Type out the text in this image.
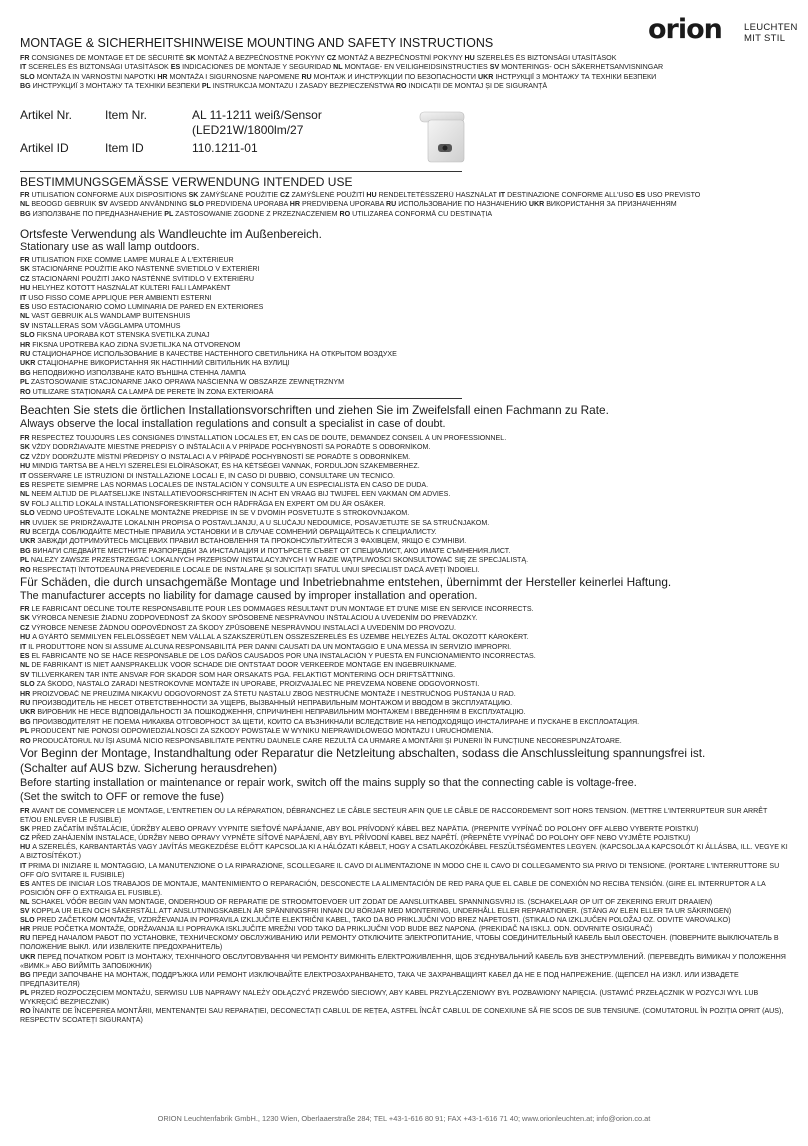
orion LEUCHTEN
MIT STIL
MONTAGE & SICHERHEITSHINWEISE MOUNTING AND SAFETY INSTRUCTIONS
FR CONSIGNES DE MONTAGE ET DE SÉCURITÉ SK MONTÁŽ A BEZPEČNOSTNÉ POKYNY CZ MONTÁŽ A BEZPEČNOSTNÍ POKYNY HU SZERELÉS ÉS BIZTONSÁGI UTASÍTÁSOK
IT SCERELÉS ÉS BIZTONSÁGI UTASÍTÁSOK ES INDICACIONES DE MONTAJE Y SEGURIDAD NL MONTAGE- EN VEILIGHEIDSINSTRUCTIES SV MONTERINGS- OCH SÄKERHETSANVISNINGAR
SLO MONTAŽA IN VARNOSTNI NAPOTKI HR MONTAŽA I SIGURNOSNE NAPOMENE RU МОНТАЖ И ИНСТРУКЦИИ ПО БЕЗОПАСНОСТИ UKR ІНСТРУКЦІЇ З МОНТАЖУ ТА ТЕХНІКИ БЕЗПЕКИ
BG ИНСТРУКЦИЇ З МОНТАЖУ ТА ТЕХНІКИ БЕЗПЕКИ PL INSTRUKCJA MONTAŻU I ZASADY BEZPIECZEŃSTWA RO INDICAȚII DE MONTAJ ȘI DE SIGURANȚĂ
Artikel Nr.	Item Nr.	AL 11-1211 weiß/Sensor
(LED21W/1800lm/27
Artikel ID	Item ID	110.1211-01
BESTIMMUNGSGEMÄSSE VERWENDUNG INTENDED USE
FR UTILISATION CONFORME AUX DISPOSITIONS SK ZAMÝŠĽANÉ POUŽITIE CZ ZAMÝŠLENÉ POUŽITÍ HU RENDELTETÉSSZERŰ HASZNÁLAT IT DESTINAZIONE CONFORME ALL'USO ES USO PREVISTO
NL BEOOGD GEBRUIK SV AVSEDD ANVÄNDNING SLO PREDVIDENA UPORABA HR PREDVIĐENA UPORABA RU ИСПОЛЬЗОВАНИЕ ПО НАЗНАЧЕНИЮ UKR ВИКОРИСТАННЯ ЗА ПРИЗНАЧЕННЯМ
BG ИЗПОЛЗВАНЕ ПО ПРЕДНАЗНАЧЕНИЕ PL ZASTOSOWANIE ZGODNE Z PRZEZNACZENIEM RO UTILIZAREA CONFORMĂ CU DESTINAȚIA
Ortsfeste Verwendung als Wandleuchte im Außenbereich.
Stationary use as wall lamp outdoors.
FR UTILISATION FIXE COMME LAMPE MURALE À L'EXTÉRIEUR
SK STACIONÁRNE POUŽITIE AKO NÁSTENNÉ SVIETIDLO V EXTERIÉRI
CZ STACIONÁRNÍ POUŽITÍ JAKO NÁSTĚNNÉ SVÍTIDLO V EXTERIÉRU
HU HELYHEZ KÖTÖTT HASZNÁLAT KÜLTÉRI FALI LÁMPAKÉNT
IT USO FISSO COME APPLIQUE PER AMBIENTI ESTERNI
ES USO ESTACIONARIO COMO LUMINARIA DE PARED EN EXTERIORES
NL VAST GEBRUIK ALS WANDLAMP BUITENSHUIS
SV INSTALLERAS SOM VÄGGLAMPA UTOMHUS
SLO FIKSNA UPORABA KOT STENSKA SVETILKA ZUNAJ
HR FIKSNA UPOTREBA KAO ZIDNA SVJETILJKA NA OTVORENOM
RU СТАЦИОНАРНОЕ ИСПОЛЬЗОВАНИЕ В КАЧЕСТВЕ НАСТЕННОГО СВЕТИЛЬНИКА НА ОТКРЫТОМ ВОЗДУХЕ
UKR СТАЦІОНАРНЕ ВИКОРИСТАННЯ ЯК НАСТІННИЙ СВІТИЛЬНИК НА ВУЛИЦІ
BG НЕПОДВИЖНО ИЗПОЛЗВАНЕ КАТО ВЪНШНА СТЕННА ЛАМПА
PL ZASTOSOWANIE STACJONARNE JAKO OPRAWA NAŚCIENNA W OBSZARZE ZEWNĘTRZNYM
RO UTILIZARE STAȚIONARĂ CA LAMPĂ DE PERETE ÎN ZONA EXTERIOARĂ
Beachten Sie stets die örtlichen Installationsvorschriften und ziehen Sie im Zweifelsfall einen Fachmann zu Rate.
Always observe the local installation regulations and consult a specialist in case of doubt.
FR RESPECTEZ TOUJOURS LES CONSIGNES D'INSTALLATION LOCALES ET, EN CAS DE DOUTE, DEMANDEZ CONSEIL À UN PROFESSIONNEL.
SK VŽDY DODRŽIAVAJTE MIESTNE PREDPISY O INŠTALÁCII A V PRÍPADE POCHYBNOSTÍ SA PORAĎTE S ODBORNÍKOM.
CZ VŽDY DODRŽUJTE MÍSTNÍ PŘEDPISY O INSTALACI A V PŘÍPADĚ POCHYBNOSTÍ SE PORAĎTE S ODBORNÍKEM.
HU MINDIG TARTSA BE A HELYI SZERELÉSI ELŐÍRÁSOKAT, ÉS HA KÉTSÉGEI VANNAK, FORDULJON SZAKEMBERHEZ.
IT OSSERVARE LE ISTRUZIONI DI INSTALLAZIONE LOCALI E, IN CASO DI DUBBIO, CONSULTARE UN TECNICO.
ES RESPETE SIEMPRE LAS NORMAS LOCALES DE INSTALACIÓN Y CONSULTE A UN ESPECIALISTA EN CASO DE DUDA.
NL NEEM ALTIJD DE PLAATSELIJKE INSTALLATIEVOORSCHRIFTEN IN ACHT EN VRAAG BIJ TWIJFEL EEN VAKMAN OM ADVIES.
SV FÖLJ ALLTID LOKALA INSTALLATIONSFÖRESKRIFTER OCH RÅDFRÅGA EN EXPERT OM DU ÄR OSÄKER.
SLO VEDNO UPOŠTEVAJTE LOKALNE MONTAŽNE PREDPISE IN SE V DVOMIH POSVETUJTE S STROKOVNJAKOM.
HR UVIJEK SE PRIDRŽAVAJTE LOKALNIH PROPISA O POSTAVLJANJU, A U SLUČAJU NEDOUMICE, POSAVJETUJTE SE SA STRUČNJAKOM.
RU ВСЕГДА СОБЛЮДАЙТЕ МЕСТНЫЕ ПРАВИЛА УСТАНОВКИ И В СЛУЧАЕ СОМНЕНИЙ ОБРАЩАЙТЕСЬ К СПЕЦИАЛИСТУ.
UKR ЗАВЖДИ ДОТРИМУЙТЕСЬ МІСЦЕВИХ ПРАВИЛ ВСТАНОВЛЕННЯ ТА ПРОКОНСУЛЬТУЙТЕСЯ З ФАХІВЦЕМ, ЯКЩО Є СУМНІВИ.
BG ВИНАГИ СЛЕДВАЙТЕ МЕСТНИТЕ РАЗПОРЕДБИ ЗА ИНСТАЛАЦИЯ И ПОТЪРСЕТЕ СЪВЕТ ОТ СПЕЦИАЛИСТ, АКО ИМАТЕ СЪМНЕНИЯ.ЛИСТ.
PL NALEŻY ZAWSZE PRZESTRZEGAĆ LOKALNYCH PRZEPISÓW INSTALACYJNYCH I W RAZIE WĄTPLIWOŚCI SKONSULTOWAĆ SIĘ ZE SPECJALISTĄ.
RO RESPECTAȚI ÎNTOTDEAUNA PREVEDERILE LOCALE DE INSTALARE ȘI SOLICITAȚI SFATUL UNUI SPECIALIST DACĂ AVEȚI ÎNDOIELI.
Für Schäden, die durch unsachgemäße Montage und Inbetriebnahme entstehen, übernimmt der Hersteller keinerlei Haftung.
The manufacturer accepts no liability for damage caused by improper installation and operation.
FR LE FABRICANT DÉCLINE TOUTE RESPONSABILITÉ POUR LES DOMMAGES RÉSULTANT D'UN MONTAGE ET D'UNE MISE EN SERVICE INCORRECTS.
SK VÝROBCA NENESIE ŽIADNU ZODPOVEDNOSŤ ZA ŠKODY SPÔSOBENÉ NESPRÁVNOU INŠTALÁCIOU A UVEDENÍM DO PREVÁDZKY.
CZ VÝROBCE NENESE ŽÁDNOU ODPOVĚDNOST ZA ŠKODY ZPŮSOBENÉ NESPRÁVNOU INSTALACÍ A UVEDENÍM DO PROVOZU.
HU A GYÁRTÓ SEMMILYEN FELELŐSSÉGET NEM VÁLLAL A SZAKSZERŰTLEN ÖSSZESZERELÉS ÉS ÜZEMBE HELYEZÉS ÁLTAL OKOZOTT KÁROKÉRT.
IT IL PRODUTTORE NON SI ASSUME ALCUNA RESPONSABILITÀ PER DANNI CAUSATI DA UN MONTAGGIO E UNA MESSA IN SERVIZIO IMPROPRI.
ES EL FABRICANTE NO SE HACE RESPONSABLE DE LOS DAÑOS CAUSADOS POR UNA INSTALACIÓN Y PUESTA EN FUNCIONAMIENTO INCORRECTAS.
NL DE FABRIKANT IS NIET AANSPRAKELIJK VOOR SCHADE DIE ONTSTAAT DOOR VERKEERDE MONTAGE EN INGEBRUIKNAME.
SV TILLVERKAREN TAR INTE ANSVAR FÖR SKADOR SOM HAR ORSAKATS PGA. FELAKTIGT MONTERING OCH DRIFTSÄTTNING.
SLO ZA ŠKODO, NASTALO ZARADI NESTROKOVNE MONTAŽE IN UPORABE, PROIZVAJALEC NE PREVZEMA NOBENE ODGOVORNOSTI.
HR PROIZVOĐAČ NE PREUZIMA NIKAKVU ODGOVORNOST ZA ŠTETU NASTALU ZBOG NESTRUČNE MONTAŽE I NESTRUČNOG PUŠTANJA U RAD.
RU ПРОИЗВОДИТЕЛЬ НЕ НЕСЕТ ОТВЕТСТВЕННОСТИ ЗА УЩЕРБ, ВЫЗВАННЫЙ НЕПРАВИЛЬНЫМ МОНТАЖОМ И ВВОДОМ В ЭКСПЛУАТАЦИЮ.
UKR ВИРОБНИК НЕ НЕСЕ ВІДПОВІДАЛЬНОСТІ ЗА ПОШКОДЖЕННЯ, СПРИЧИНЕНІ НЕПРАВИЛЬНИМ МОНТАЖЕМ І ВВЕДЕННЯМ В ЕКСПЛУАТАЦІЮ.
BG ПРОИЗВОДИТЕЛЯТ НЕ ПОЕМА НИКАКВА ОТГОВОРНОСТ ЗА ЩЕТИ, КОИТО СА ВЪЗНИКНАЛИ ВСЛЕДСТВИЕ НА НЕПОДХОДЯЩО ИНСТАЛИРАНЕ И ПУСКАНЕ В ЕКСПЛОАТАЦИЯ.
PL PRODUCENT NIE PONOSI ODPOWIEDZIALNOŚCI ZA SZKODY POWSTAŁE W WYNIKU NIEPRAWIDŁOWEGO MONTAŻU I URUCHOMIENIA.
RO PRODUCĂTORUL NU ÎȘI ASUMĂ NICIO RESPONSABILITATE PENTRU DAUNELE CARE REZULTĂ CA URMARE A MONTĂRII ȘI PUNERII ÎN FUNCȚIUNE NECORESPUNZĂTOARE.
Vor Beginn der Montage, Instandhaltung oder Reparatur die Netzleitung abschalten, sodass die Anschlussleitung spannungsfrei ist.
(Schalter auf AUS bzw. Sicherung herausdrehen)
Before starting installation or maintenance or repair work, switch off the mains supply so that the connecting cable is voltage-free.
(Set the switch to OFF or remove the fuse)
FR AVANT DE COMMENCER LE MONTAGE, L'ENTRETIEN OU LA RÉPARATION, DÉBRANCHEZ LE CÂBLE SECTEUR AFIN QUE LE CÂBLE DE RACCORDEMENT SOIT HORS TENSION. (METTRE L'INTERRUPTEUR SUR ARRÊT ET/OU ENLEVER LE FUSIBLE)
SK PRED ZAČATÍM INŠTALÁCIE, ÚDRŽBY ALEBO OPRAVY VYPNITE SIEŤOVÉ NAPÁJANIE, ABY BOL PRÍVODNÝ KÁBEL BEZ NAPÄTIA. (PREPNITE VYPÍNAČ DO POLOHY OFF ALEBO VYBERTE POISTKU)
CZ PŘED ZAHÁJENÍM INSTALACE, ÚDRŽBY NEBO OPRAVY VYPNĚTE SÍŤOVÉ NAPÁJENÍ, ABY BYL PŘÍVODNÍ KABEL BEZ NAPĚTÍ. (PŘEPNĚTE VYPÍNAČ DO POLOHY OFF NEBO VYJMĚTE POJISTKU)
HU A SZERELÉS, KARBANTARTÁS VAGY JAVÍTÁS MEGKEZDÉSE ELŐTT KAPCSOLJA KI A HÁLÓZATI KÁBELT, HOGY A CSATLAKOZÓKÁBEL FESZÜLTSÉGMENTES LEGYEN. (KAPCSOLJA A KAPCSOLÓT KI ÁLLÁSBA, ILL. VEGYE KI A BIZTOSÍTÉKOT.)
IT PRIMA DI INIZIARE IL MONTAGGIO, LA MANUTENZIONE O LA RIPARAZIONE, SCOLLEGARE IL CAVO DI ALIMENTAZIONE IN MODO CHE IL CAVO DI COLLEGAMENTO SIA PRIVO DI TENSIONE. (PORTARE L'INTERRUTTORE SU OFF O/O SVITARE IL FUSIBILE)
ES ANTES DE INICIAR LOS TRABAJOS DE MONTAJE, MANTENIMIENTO O REPARACIÓN, DESCONECTE LA ALIMENTACIÓN DE RED PARA QUE EL CABLE DE CONEXIÓN NO RECIBA TENSIÓN. (GIRE EL INTERRUPTOR A LA POSICIÓN OFF O EXTRAIGA EL FUSIBLE).
NL SCHAKEL VÓÓR BEGIN VAN MONTAGE, ONDERHOUD OF REPARATIE DE STROOMTOEVOER UIT ZODAT DE AANSLUITKABEL SPANNINGSVRIJ IS. (SCHAKELAAR OP UIT OF ZEKERING ERUIT DRAAIEN)
SV KOPPLA UR ELEN OCH SÄKERSTÄLL ATT ANSLUTNINGSKABELN ÄR SPÄNNINGSFRI INNAN DU BÖRJAR MED MONTERING, UNDERHÅLL ELLER REPARATIONER. (STÄNG AV ELEN ELLER TA UR SÄKRINGEN)
SLO PRED ZAČETKOM MONTAŽE, VZDRŽEVANJA IN POPRAVILA IZKLJUČITE ELEKTRIČNI KABEL, TAKO DA BO PRIKLJUČNI VOD BREZ NAPETOSTI. (STIKALO NA IZKLJUČEN POLOŽAJ OZ. ODVITE VAROVALKO)
HR PRIJE POČETKA MONTAŽE, ODRŽAVANJA ILI POPRAVKA ISKLJUČITE MREŽNI VOD TAKO DA PRIKLJUČNI VOD BUDE BEZ NAPONA. (PREKIDAČ NA ISKLJ. ODN. ODVRNITE OSIGURAČ)
RU ПЕРЕД НАЧАЛОМ РАБОТ ПО УСТАНОВКЕ, ТЕХНИЧЕСКОМУ ОБСЛУЖИВАНИЮ ИЛИ РЕМОНТУ ОТКЛЮЧИТЕ ЭЛЕКТРОПИТАНИЕ, ЧТОБЫ СОЕДИНИТЕЛЬНЫЙ КАБЕЛЬ БЫЛ ОБЕСТОЧЕН. (ПОВЕРНИТЕ ВЫКЛЮЧАТЕЛЬ В ПОЛОЖЕНИЕ ВЫКЛ. ИЛИ ИЗВЛЕКИТЕ ПРЕДОХРАНИТЕЛЬ)
UKR ПЕРЕД ПОЧАТКОМ РОБІТ ІЗ МОНТАЖУ, ТЕХНІЧНОГО ОБСЛУГОВУВАННЯ ЧИ РЕМОНТУ ВИМКНІТЬ ЕЛЕКТРОЖИВЛЕННЯ, ЩОБ З'ЄДНУВАЛЬНИЙ КАБЕЛЬ БУВ ЗНЕСТРУМЛЕНИЙ. (ПЕРЕВЕДІТЬ ВИМИКАЧ У ПОЛОЖЕННЯ «ВИМК.» АБО ВИЙМІТЬ ЗАПОБІЖНИК)
BG ПРЕДИ ЗАПОЧВАНЕ НА МОНТАЖ, ПОДДРЪЖКА ИЛИ РЕМОНТ ИЗКЛЮЧВАЙТЕ ЕЛЕКТРОЗАХРАНВАНЕТО, ТАКА ЧЕ ЗАХРАНВАЩИЯТ КАБЕЛ ДА НЕ Е ПОД НАПРЕЖЕНИЕ. (ЩЕПСЕЛ НА ИЗКЛ. ИЛИ ИЗВАДЕТЕ ПРЕДПАЗИТЕЛЯ)
PL PRZED ROZPOCZĘCIEM MONTAŻU, SERWISU LUB NAPRAWY NALEŻY ODŁĄCZYĆ PRZEWÓD SIECIOWY, ABY KABEL PRZYŁĄCZENIOWY BYŁ POZBAWIONY NAPIĘCIA. (USTAWIĆ PRZEŁĄCZNIK W POZYCJI WYŁ LUB WYKRĘCIĆ BEZPIECZNIK)
RO ÎNAINTE DE ÎNCEPEREA MONTĂRII, MENTENANȚEI SAU REPARAȚIEI, DECONECTAȚI CABLUL DE REȚEA, ASTFEL ÎNCÂT CABLUL DE CONEXIUNE SĂ FIE SCOS DE SUB TENSIUNE. (COMUTATORUL ÎN POZIȚIA OPRIT (AUS), RESPECTIV SCOATEȚI SIGURANȚA)
ORION Leuchtenfabrik GmbH., 1230 Wien, Oberlaaerstraße 284; TEL +43-1-616 80 91; FAX +43-1-616 71 40; www.orionleuchten.at; info@orion.co.at
